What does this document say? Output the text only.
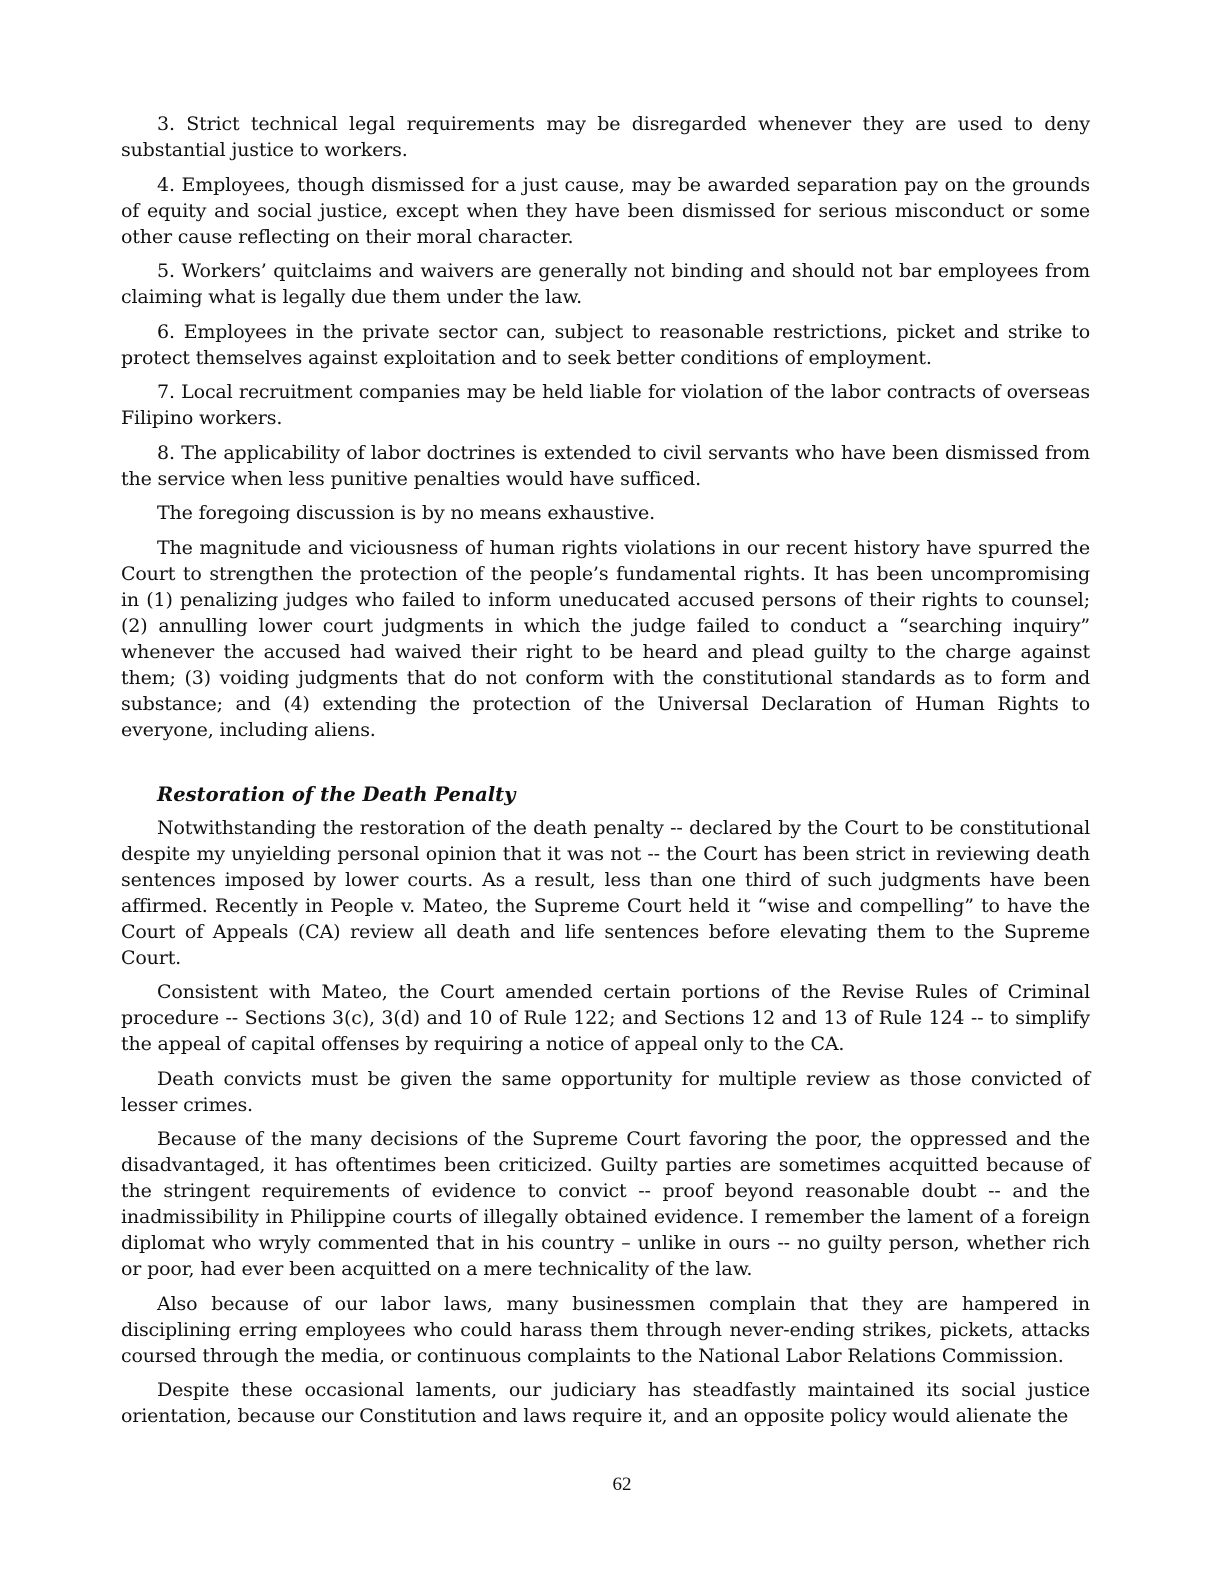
3. Strict technical legal requirements may be disregarded whenever they are used to deny substantial justice to workers.

4. Employees, though dismissed for a just cause, may be awarded separation pay on the grounds of equity and social justice, except when they have been dismissed for serious misconduct or some other cause reflecting on their moral character.

5. Workers’ quitclaims and waivers are generally not binding and should not bar employees from claiming what is legally due them under the law.

6. Employees in the private sector can, subject to reasonable restrictions, picket and strike to protect themselves against exploitation and to seek better conditions of employment.

7. Local recruitment companies may be held liable for violation of the labor contracts of overseas Filipino workers.

8. The applicability of labor doctrines is extended to civil servants who have been dismissed from the service when less punitive penalties would have sufficed.

The foregoing discussion is by no means exhaustive.

The magnitude and viciousness of human rights violations in our recent history have spurred the Court to strengthen the protection of the people’s fundamental rights. It has been uncompromising in (1) penalizing judges who failed to inform uneducated accused persons of their rights to counsel; (2) annulling lower court judgments in which the judge failed to conduct a “searching inquiry” whenever the accused had waived their right to be heard and plead guilty to the charge against them; (3) voiding judgments that do not conform with the constitutional standards as to form and substance; and (4) extending the protection of the Universal Declaration of Human Rights to everyone, including aliens.

Restoration of the Death Penalty

Notwithstanding the restoration of the death penalty -- declared by the Court to be constitutional despite my unyielding personal opinion that it was not -- the Court has been strict in reviewing death sentences imposed by lower courts. As a result, less than one third of such judgments have been affirmed. Recently in People v. Mateo, the Supreme Court held it “wise and compelling” to have the Court of Appeals (CA) review all death and life sentences before elevating them to the Supreme Court.

Consistent with Mateo, the Court amended certain portions of the Revise Rules of Criminal procedure -- Sections 3(c), 3(d) and 10 of Rule 122; and Sections 12 and 13 of Rule 124 -- to simplify the appeal of capital offenses by requiring a notice of appeal only to the CA.

Death convicts must be given the same opportunity for multiple review as those convicted of lesser crimes.

Because of the many decisions of the Supreme Court favoring the poor, the oppressed and the disadvantaged, it has oftentimes been criticized. Guilty parties are sometimes acquitted because of the stringent requirements of evidence to convict -- proof beyond reasonable doubt -- and the inadmissibility in Philippine courts of illegally obtained evidence. I remember the lament of a foreign diplomat who wryly commented that in his country – unlike in ours -- no guilty person, whether rich or poor, had ever been acquitted on a mere technicality of the law.

Also because of our labor laws, many businessmen complain that they are hampered in disciplining erring employees who could harass them through never-ending strikes, pickets, attacks coursed through the media, or continuous complaints to the National Labor Relations Commission.

Despite these occasional laments, our judiciary has steadfastly maintained its social justice orientation, because our Constitution and laws require it, and an opposite policy would alienate the

62
